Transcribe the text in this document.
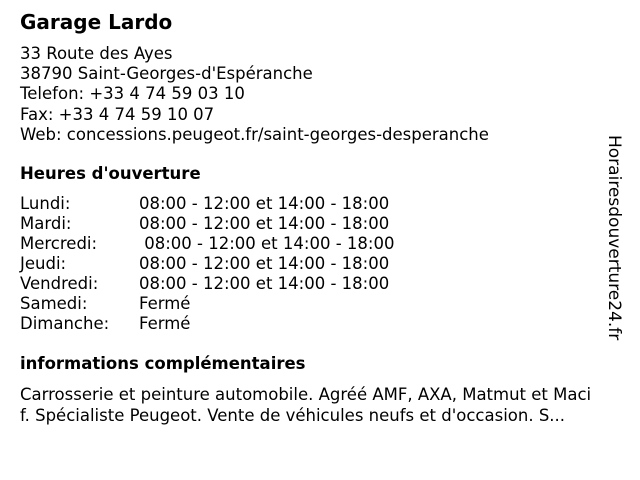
Garage Lardo
33 Route des Ayes
38790 Saint-Georges-d'Espéranche
Telefon: +33 4 74 59 03 10
Fax: +33 4 74 59 10 07
Web: concessions.peugeot.fr/saint-georges-desperanche
Heures d'ouverture
Lundi:	08:00 - 12:00 et 14:00 - 18:00
Mardi:	08:00 - 12:00 et 14:00 - 18:00
Mercredi:	08:00 - 12:00 et 14:00 - 18:00
Jeudi:	08:00 - 12:00 et 14:00 - 18:00
Vendredi: 08:00 - 12:00 et 14:00 - 18:00
Samedi:	Fermé
Dimanche: Fermé
informations complémentaires
Carrosserie et peinture automobile. Agréé AMF, AXA, Matmut et Maci
f. Spécialiste Peugeot. Vente de véhicules neufs et d'occasion. S...
Horairesdouverture24.fr
